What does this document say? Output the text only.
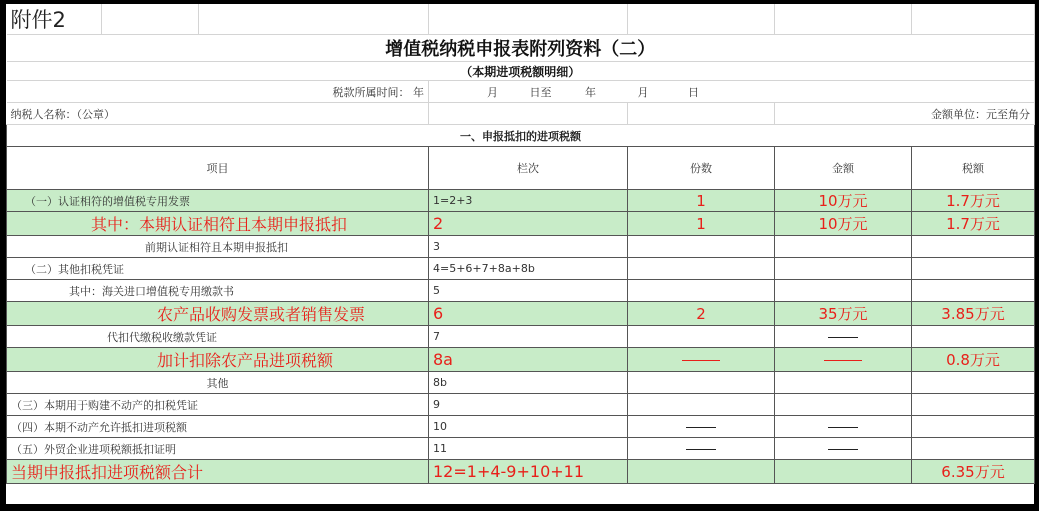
附件2						
增值税纳税申报表附列资料（二）						
（本期进项税额明细）						
税款所属时间： 年			月 日至 年 月 日			
纳税人名称：（公章）					金额单位：元至角分	
一、申报抵扣的进项税额						
项目			栏次	份数	金额	税额
（一）认证相符的增值税专用发票			1=2+3	1	10万元	1.7万元
其中：本期认证相符且本期申报抵扣			2	1	10万元	1.7万元
前期认证相符且本期申报抵扣			3			
（二）其他扣税凭证			4=5+6+7+8a+8b			
其中：海关进口增值税专用缴款书			5			
农产品收购发票或者销售发票			6	2	35万元	3.85万元
代扣代缴税收缴款凭证			7			
加计扣除农产品进项税额			8a			0.8万元
其他			8b			
（三）本期用于购建不动产的扣税凭证			9			
（四）本期不动产允许抵扣进项税额			10			
（五）外贸企业进项税额抵扣证明			11			
当期申报抵扣进项税额合计			12=1+4-9+10+11			6.35万元
